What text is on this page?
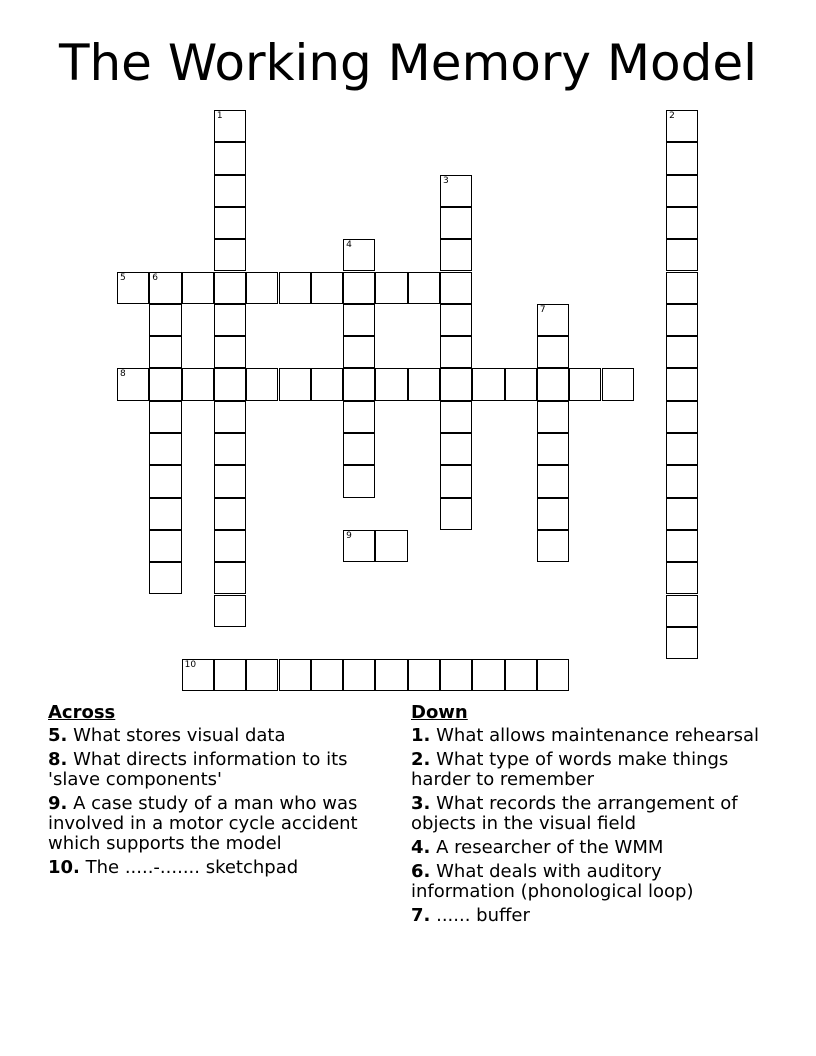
The Working Memory Model
1	2
3
4
5	6
7
8
9
10
Across
5. What stores visual data
8. What directs information to its 'slave components'
9. A case study of a man who was involved in a motor cycle accident which supports the model
10. The .....-....... sketchpad
Down
1. What allows maintenance rehearsal
2. What type of words make things harder to remember
3. What records the arrangement of objects in the visual field
4. A researcher of the WMM
6. What deals with auditory information (phonological loop)
7. ...... buffer
